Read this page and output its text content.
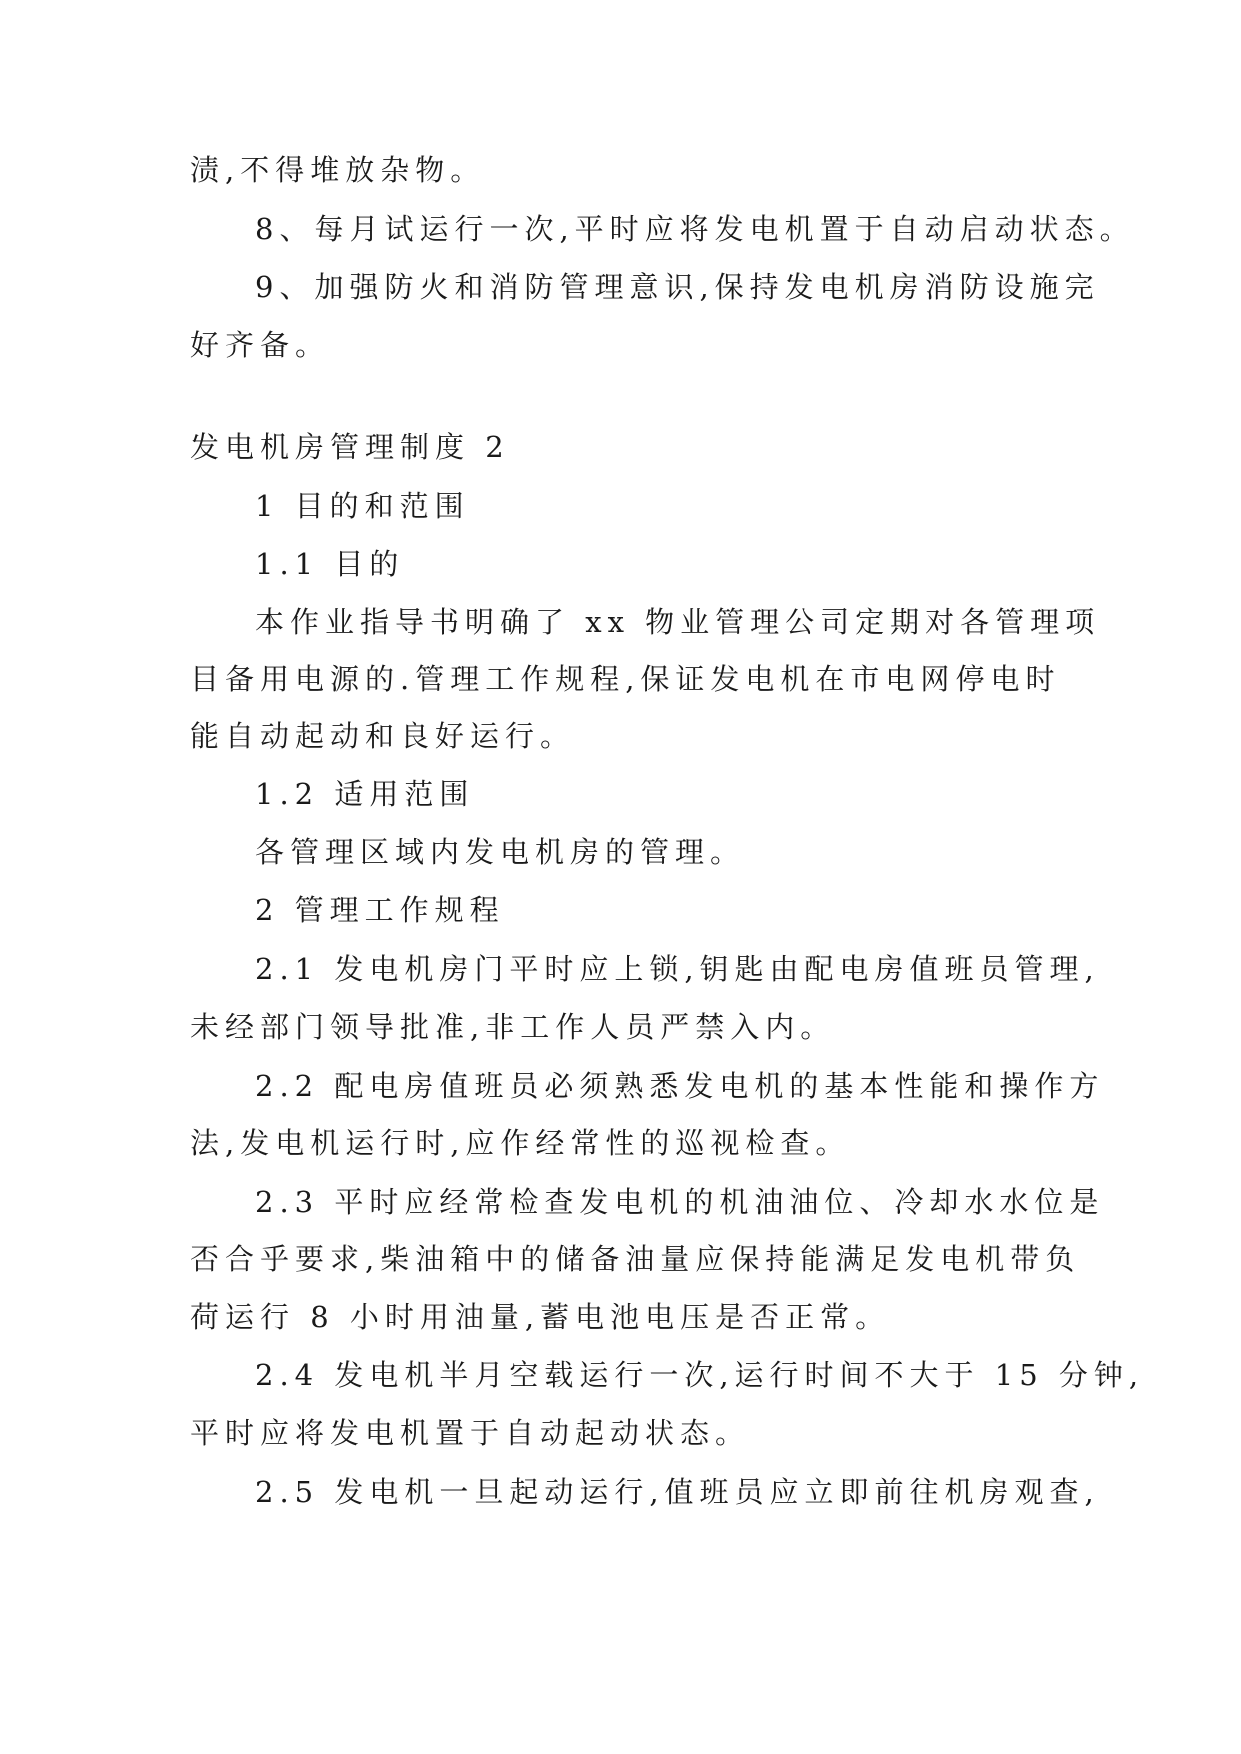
渍,不得堆放杂物。
8、每月试运行一次,平时应将发电机置于自动启动状态。
9、加强防火和消防管理意识,保持发电机房消防设施完
好齐备。
发电机房管理制度 2
1 目的和范围
1.1 目的
本作业指导书明确了 xx 物业管理公司定期对各管理项
目备用电源的.管理工作规程,保证发电机在市电网停电时
能自动起动和良好运行。
1.2 适用范围
各管理区域内发电机房的管理。
2 管理工作规程
2.1 发电机房门平时应上锁,钥匙由配电房值班员管理,
未经部门领导批准,非工作人员严禁入内。
2.2 配电房值班员必须熟悉发电机的基本性能和操作方
法,发电机运行时,应作经常性的巡视检查。
2.3 平时应经常检查发电机的机油油位、冷却水水位是
否合乎要求,柴油箱中的储备油量应保持能满足发电机带负
荷运行 8 小时用油量,蓄电池电压是否正常。
2.4 发电机半月空载运行一次,运行时间不大于 15 分钟,
平时应将发电机置于自动起动状态。
2.5 发电机一旦起动运行,值班员应立即前往机房观查,
